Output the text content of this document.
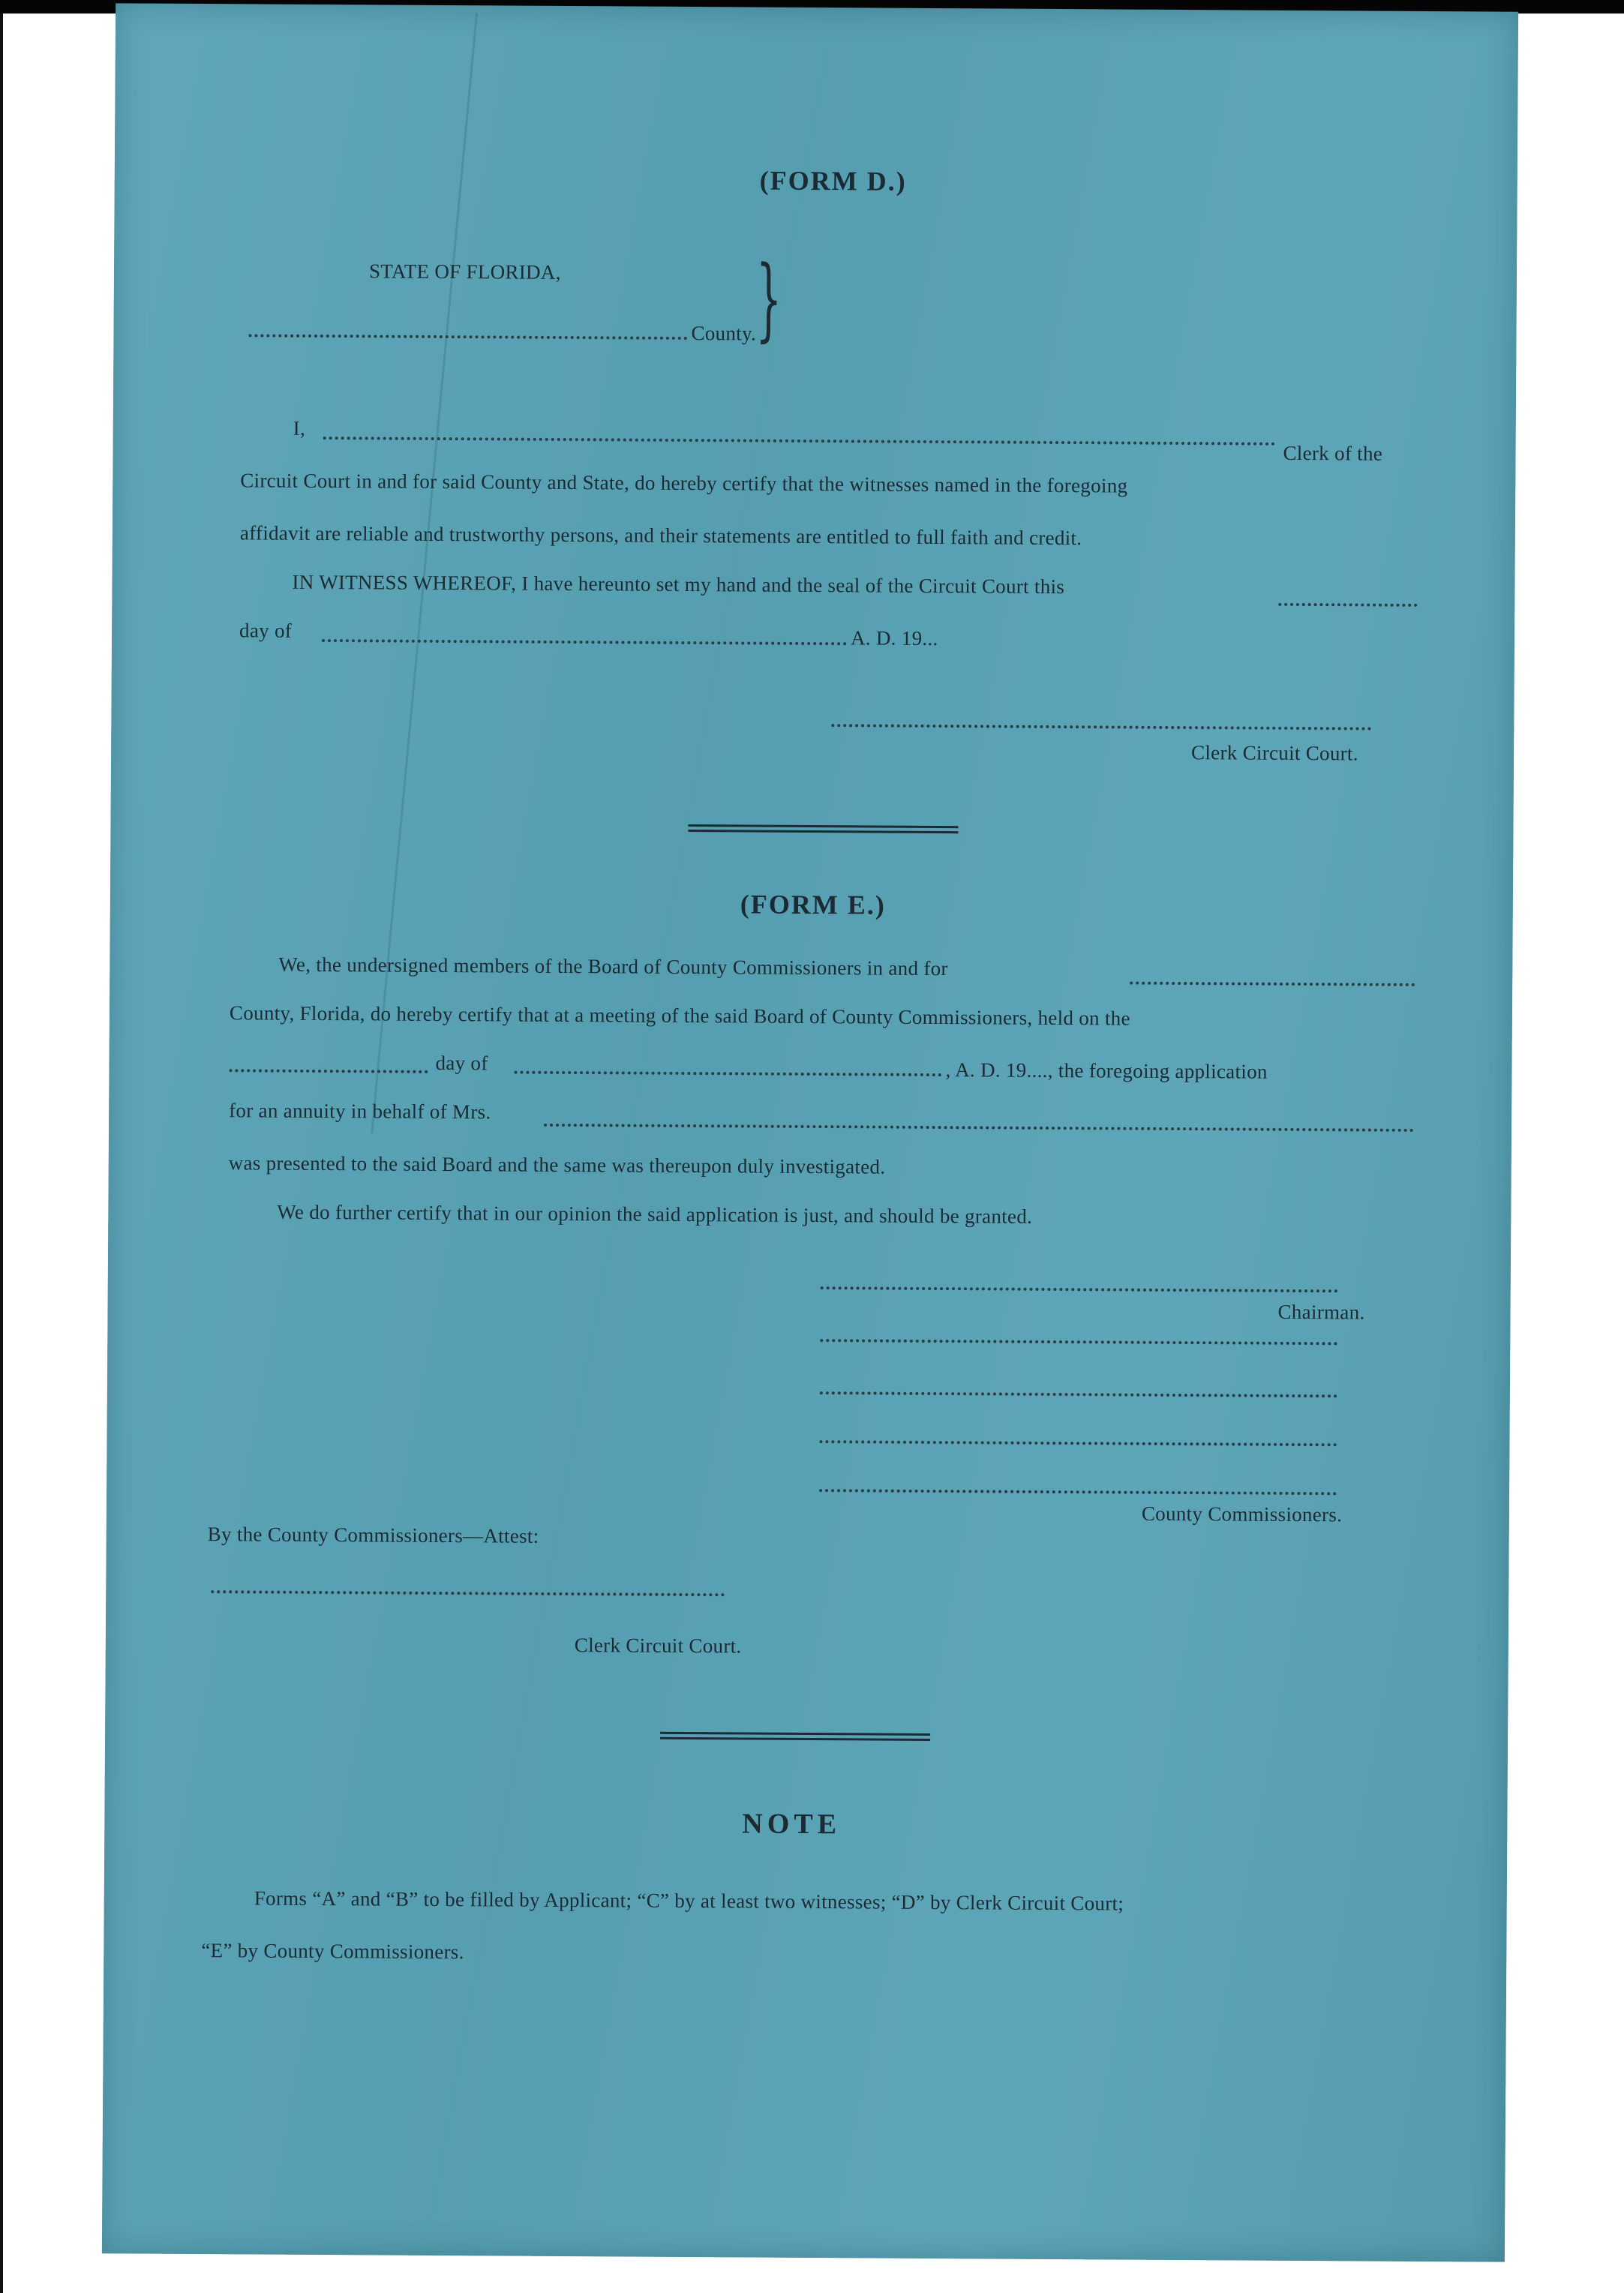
(FORM D.)
STATE OF FLORIDA,
County. }
I,
Clerk of the
Circuit Court in and for said County and State, do hereby certify that the witnesses named in the foregoing
affidavit are reliable and trustworthy persons, and their statements are entitled to full faith and credit.
IN WITNESS WHEREOF, I have hereunto set my hand and the seal of the Circuit Court this
day of	A. D. 19...
Clerk Circuit Court.
(FORM E.)
We, the undersigned members of the Board of County Commissioners in and for
County, Florida, do hereby certify that at a meeting of the said Board of County Commissioners, held on the
day of	, A. D. 19...., the foregoing application
for an annuity in behalf of Mrs.
was presented to the said Board and the same was thereupon duly investigated.
We do further certify that in our opinion the said application is just, and should be granted.
Chairman.
County Commissioners.
By the County Commissioners—Attest:
Clerk Circuit Court.
NOTE
Forms “A” and “B” to be filled by Applicant; “C” by at least two witnesses; “D” by Clerk Circuit Court;
“E” by County Commissioners.
